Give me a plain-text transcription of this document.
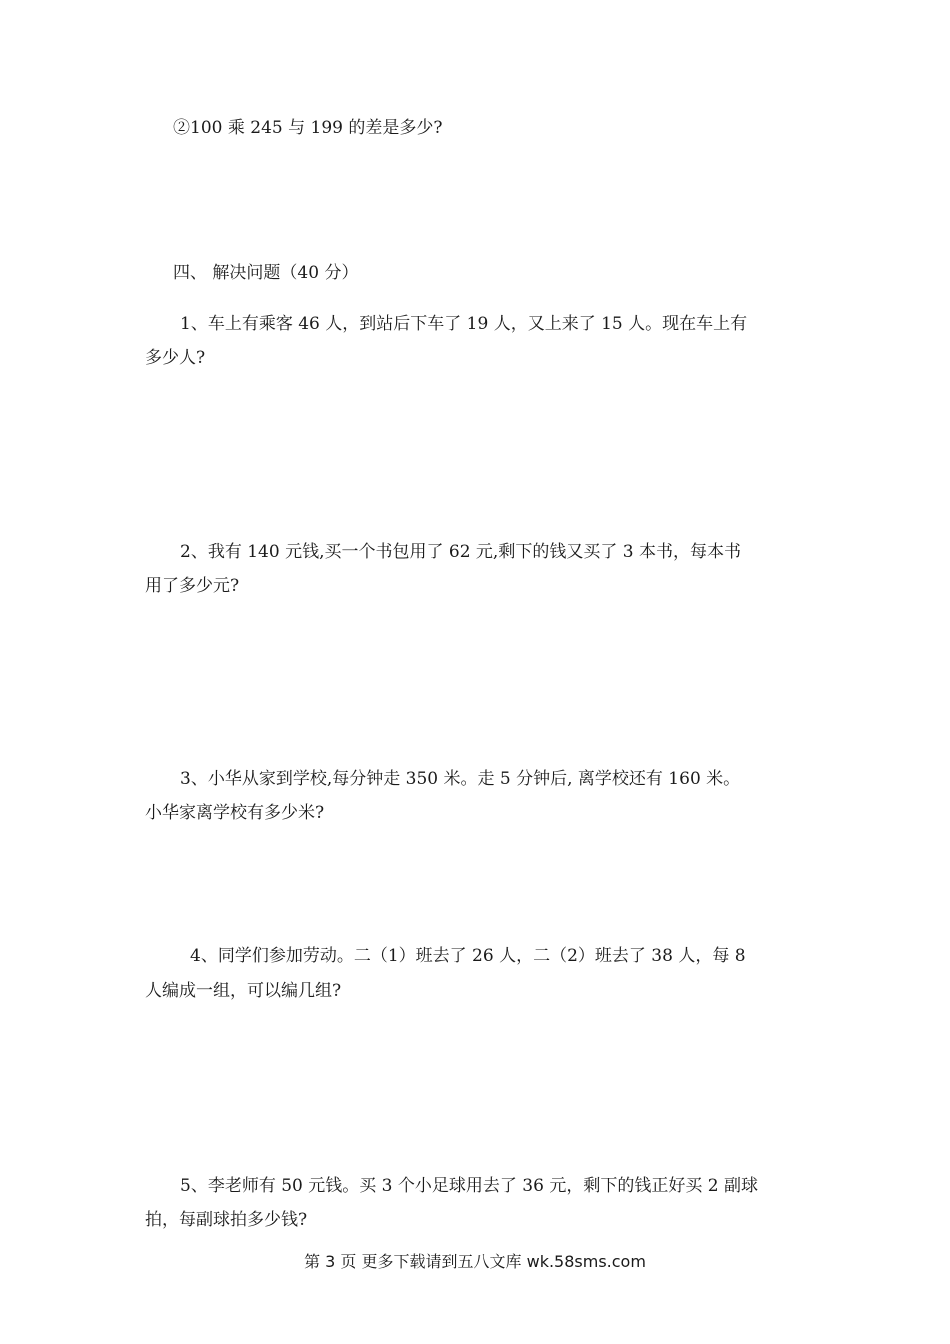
②100 乘 245 与 199 的差是多少?
四、 解决问题（40 分）
1、车上有乘客 46 人，到站后下车了 19 人，又上来了 15 人。现在车上有
多少人?
2、我有 140 元钱,买一个书包用了 62 元,剩下的钱又买了 3 本书，每本书
用了多少元?
3、小华从家到学校,每分钟走 350 米。走 5 分钟后, 离学校还有 160 米。
小华家离学校有多少米?
4、同学们参加劳动。二（1）班去了 26 人，二（2）班去了 38 人，每 8
人编成一组，可以编几组?
5、李老师有 50 元钱。买 3 个小足球用去了 36 元，剩下的钱正好买 2 副球
拍，每副球拍多少钱?
第 3 页 更多下载请到五八文库 wk.58sms.com
